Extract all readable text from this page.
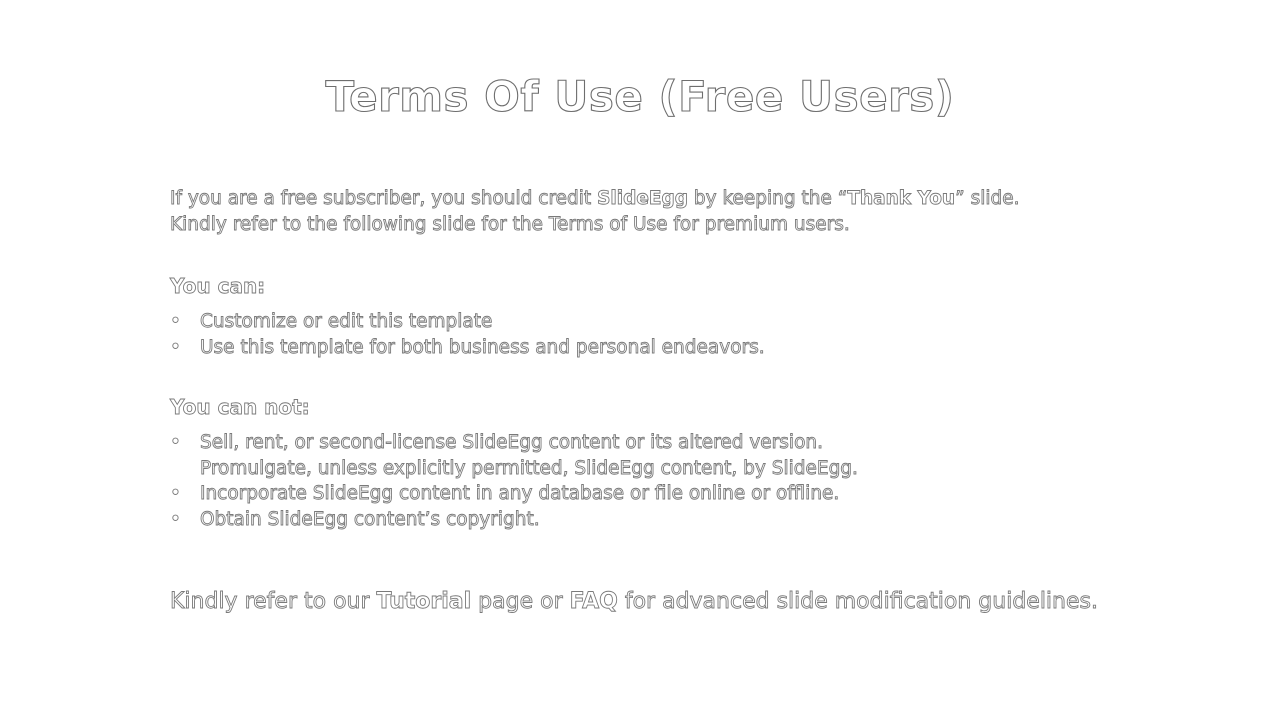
Terms Of Use (Free Users)

If you are a free subscriber, you should credit SlideEgg by keeping the “Thank You” slide.

Kindly refer to the following slide for the Terms of Use for premium users.

You can:
• Customize or edit this template
• Use this template for both business and personal endeavors.
You can not:
• Sell, rent, or second-license SlideEgg content or its altered version.
Promulgate, unless explicitly permitted, SlideEgg content, by SlideEgg.
• Incorporate SlideEgg content in any database or file online or offline.
• Obtain SlideEgg content’s copyright.
Kindly refer to our Tutorial page or FAQ for advanced slide modification guidelines.
